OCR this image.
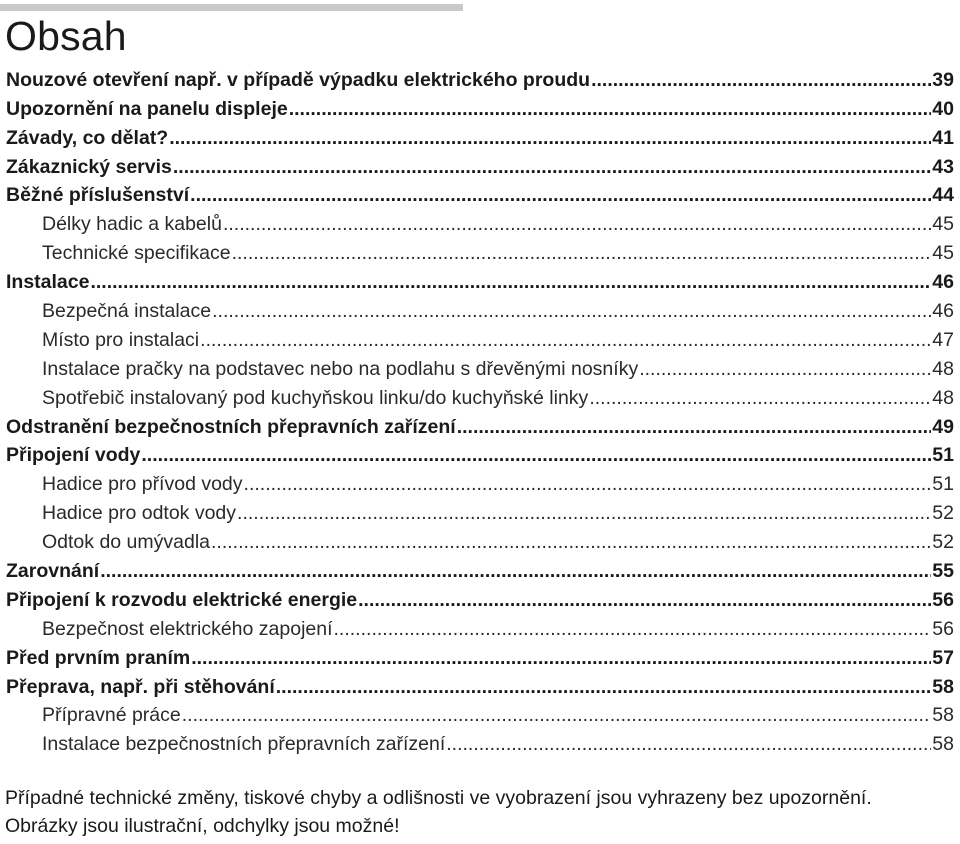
Obsah
Nouzové otevření např. v případě výpadku elektrického proudu .....	39
Upozornění na panelu displeje .....	40
Závady, co dělat? .....	41
Zákaznický servis .....	43
Běžné příslušenství .....	44
Délky hadic a kabelů .....	45
Technické specifikace .....	45
Instalace .....	46
Bezpečná instalace .....	46
Místo pro instalaci .....	47
Instalace pračky na podstavec nebo na podlahu s dřevěnými nosníky .....	48
Spotřebič instalovaný pod kuchyňskou linku/do kuchyňské linky .....	48
Odstranění bezpečnostních přepravních zařízení .....	49
Připojení vody .....	51
Hadice pro přívod vody .....	51
Hadice pro odtok vody .....	52
Odtok do umývadla .....	52
Zarovnání .....	55
Připojení k rozvodu elektrické energie .....	56
Bezpečnost elektrického zapojení .....	56
Před prvním praním .....	57
Přeprava, např. při stěhování .....	58
Přípravné práce .....	58
Instalace bezpečnostních přepravních zařízení .....	58

Případné technické změny, tiskové chyby a odlišnosti ve vyobrazení jsou vyhrazeny bez upozornění. Obrázky jsou ilustrační, odchylky jsou možné!
